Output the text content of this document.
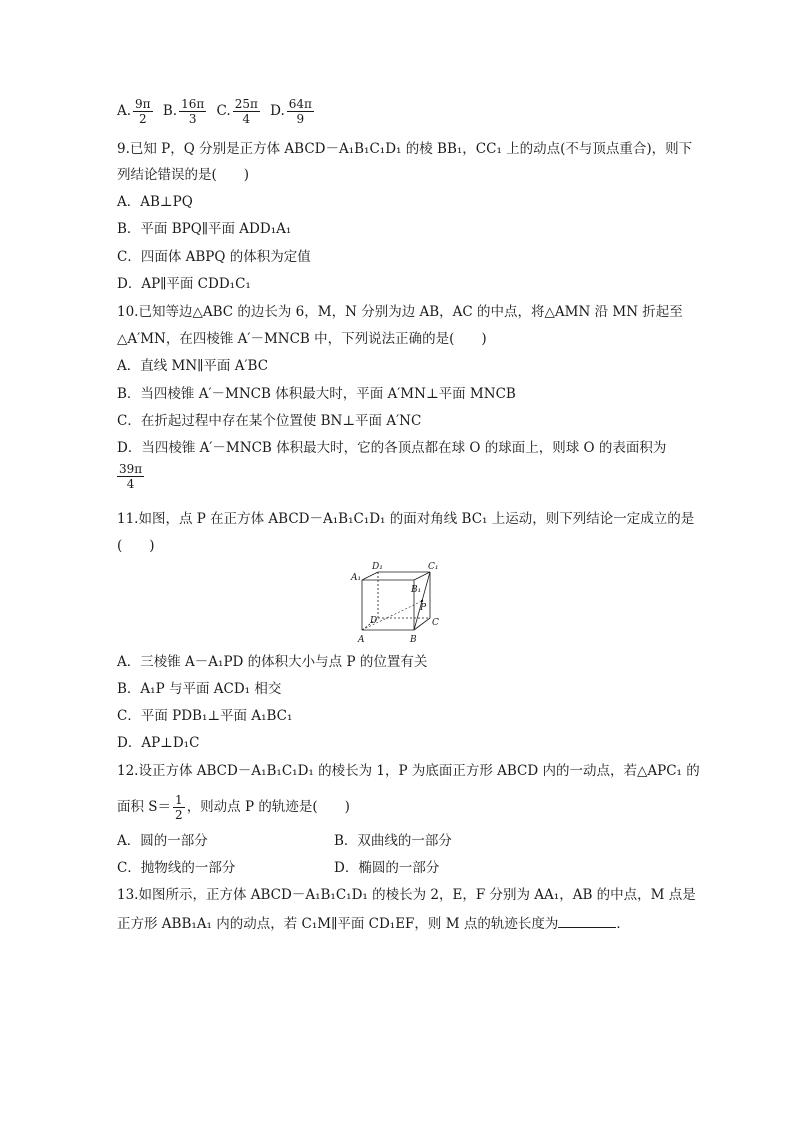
A. $\frac{9\pi}{2} B$. $\frac{16\pi}{3} C$. $\frac{25\pi}{4} D$. $\frac{64\pi}{9}$
9.已知 P，Q 分别是正方体 ABCD－A₁B₁C₁D₁ 的棱 BB₁，CC₁ 上的动点(不与顶点重合)，则下
列结论错误的是(　　)
A．AB⊥PQ
B．平面 BPQ∥平面 ADD₁A₁
C．四面体 ABPQ 的体积为定值
D．AP∥平面 CDD₁C₁
10.已知等边△ABC 的边长为 6，M，N 分别为边 AB，AC 的中点，将△AMN 沿 MN 折起至
△A′MN，在四棱锥 A′－MNCB 中，下列说法正确的是(　　)
A．直线 MN∥平面 A′BC
B．当四棱锥 A′－MNCB 体积最大时，平面 A′MN⊥平面 MNCB
C．在折起过程中存在某个位置使 BN⊥平面 A′NC
D．当四棱锥 A′－MNCB 体积最大时，它的各顶点都在球 O 的球面上，则球 O 的表面积为
$\frac{39\pi}{4}$
11.如图，点 P 在正方体 ABCD－A₁B₁C₁D₁ 的面对角线 BC₁ 上运动，则下列结论一定成立的是
(　　)
D₁	C₁
A₁
B₁
P
D	C
A	B
A．三棱锥 A－A₁PD 的体积大小与点 P 的位置有关
B．A₁P 与平面 ACD₁ 相交
C．平面 PDB₁⊥平面 A₁BC₁
D．AP⊥D₁C
12.设正方体 ABCD－A₁B₁C₁D₁ 的棱长为 1，P 为底面正方形 ABCD 内的一动点，若△APC₁ 的
面积 $S= \frac{1}{2}$ ，则动点 P 的轨迹是(　　)
A．圆的一部分	B．双曲线的一部分
C．抛物线的一部分	D．椭圆的一部分
13.如图所示，正方体 ABCD－A₁B₁C₁D₁ 的棱长为 2，E，F 分别为 AA₁，AB 的中点，M 点是
正方形 ABB₁A₁ 内的动点，若 C₁M∥平面 CD₁EF，则 M 点的轨迹长度为	．
